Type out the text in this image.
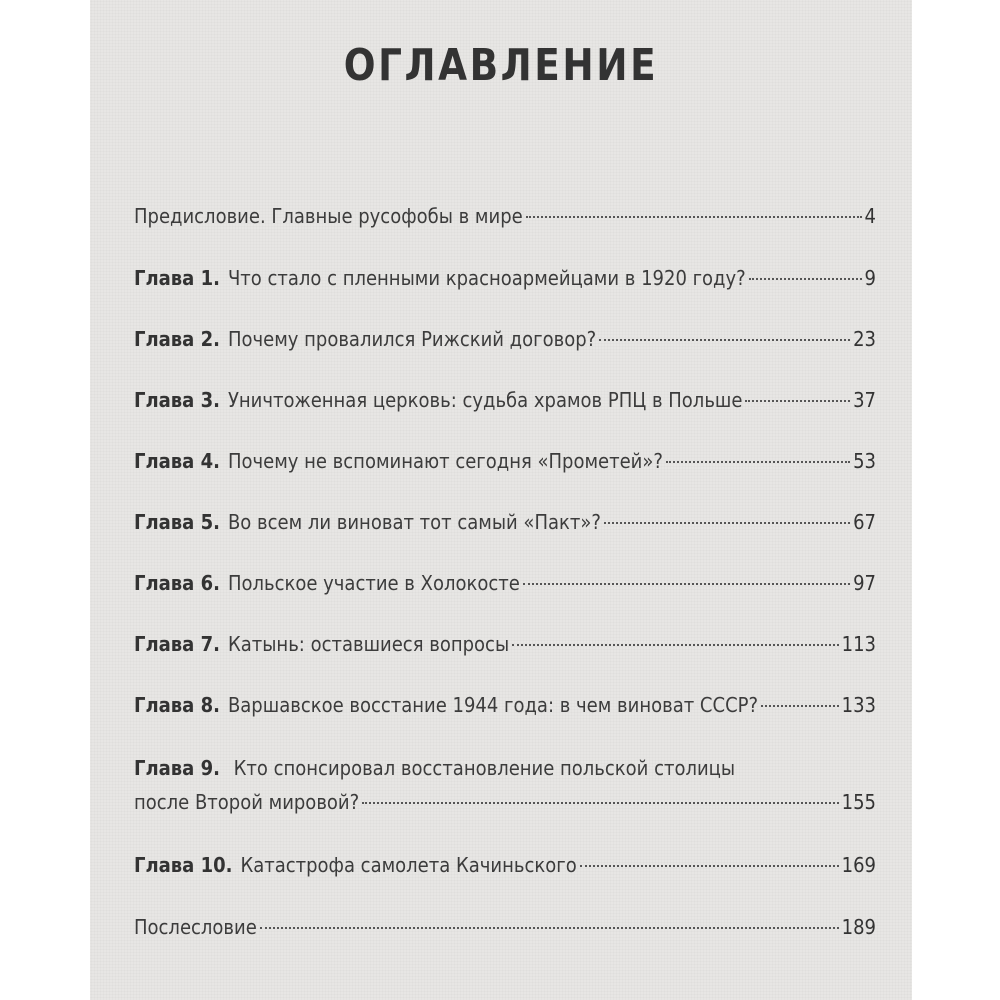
ОГЛАВЛЕНИЕ
Предисловие. Главные русофобы в мире	4
Глава 1. Что стало с пленными красноармейцами в 1920 году?	9
Глава 2. Почему провалился Рижский договор?	23
Глава 3. Уничтоженная церковь: судьба храмов РПЦ в Польше	37
Глава 4. Почему не вспоминают сегодня «Прометей»?	53
Глава 5. Во всем ли виноват тот самый «Пакт»?	67
Глава 6. Польское участие в Холокосте	97
Глава 7. Катынь: оставшиеся вопросы	113
Глава 8. Варшавское восстание 1944 года: в чем виноват СССР?	133
Глава 9. Кто спонсировал восстановление польской столицы
после Второй мировой?	155
Глава 10. Катастрофа самолета Качиньского	169
Послесловие	189
